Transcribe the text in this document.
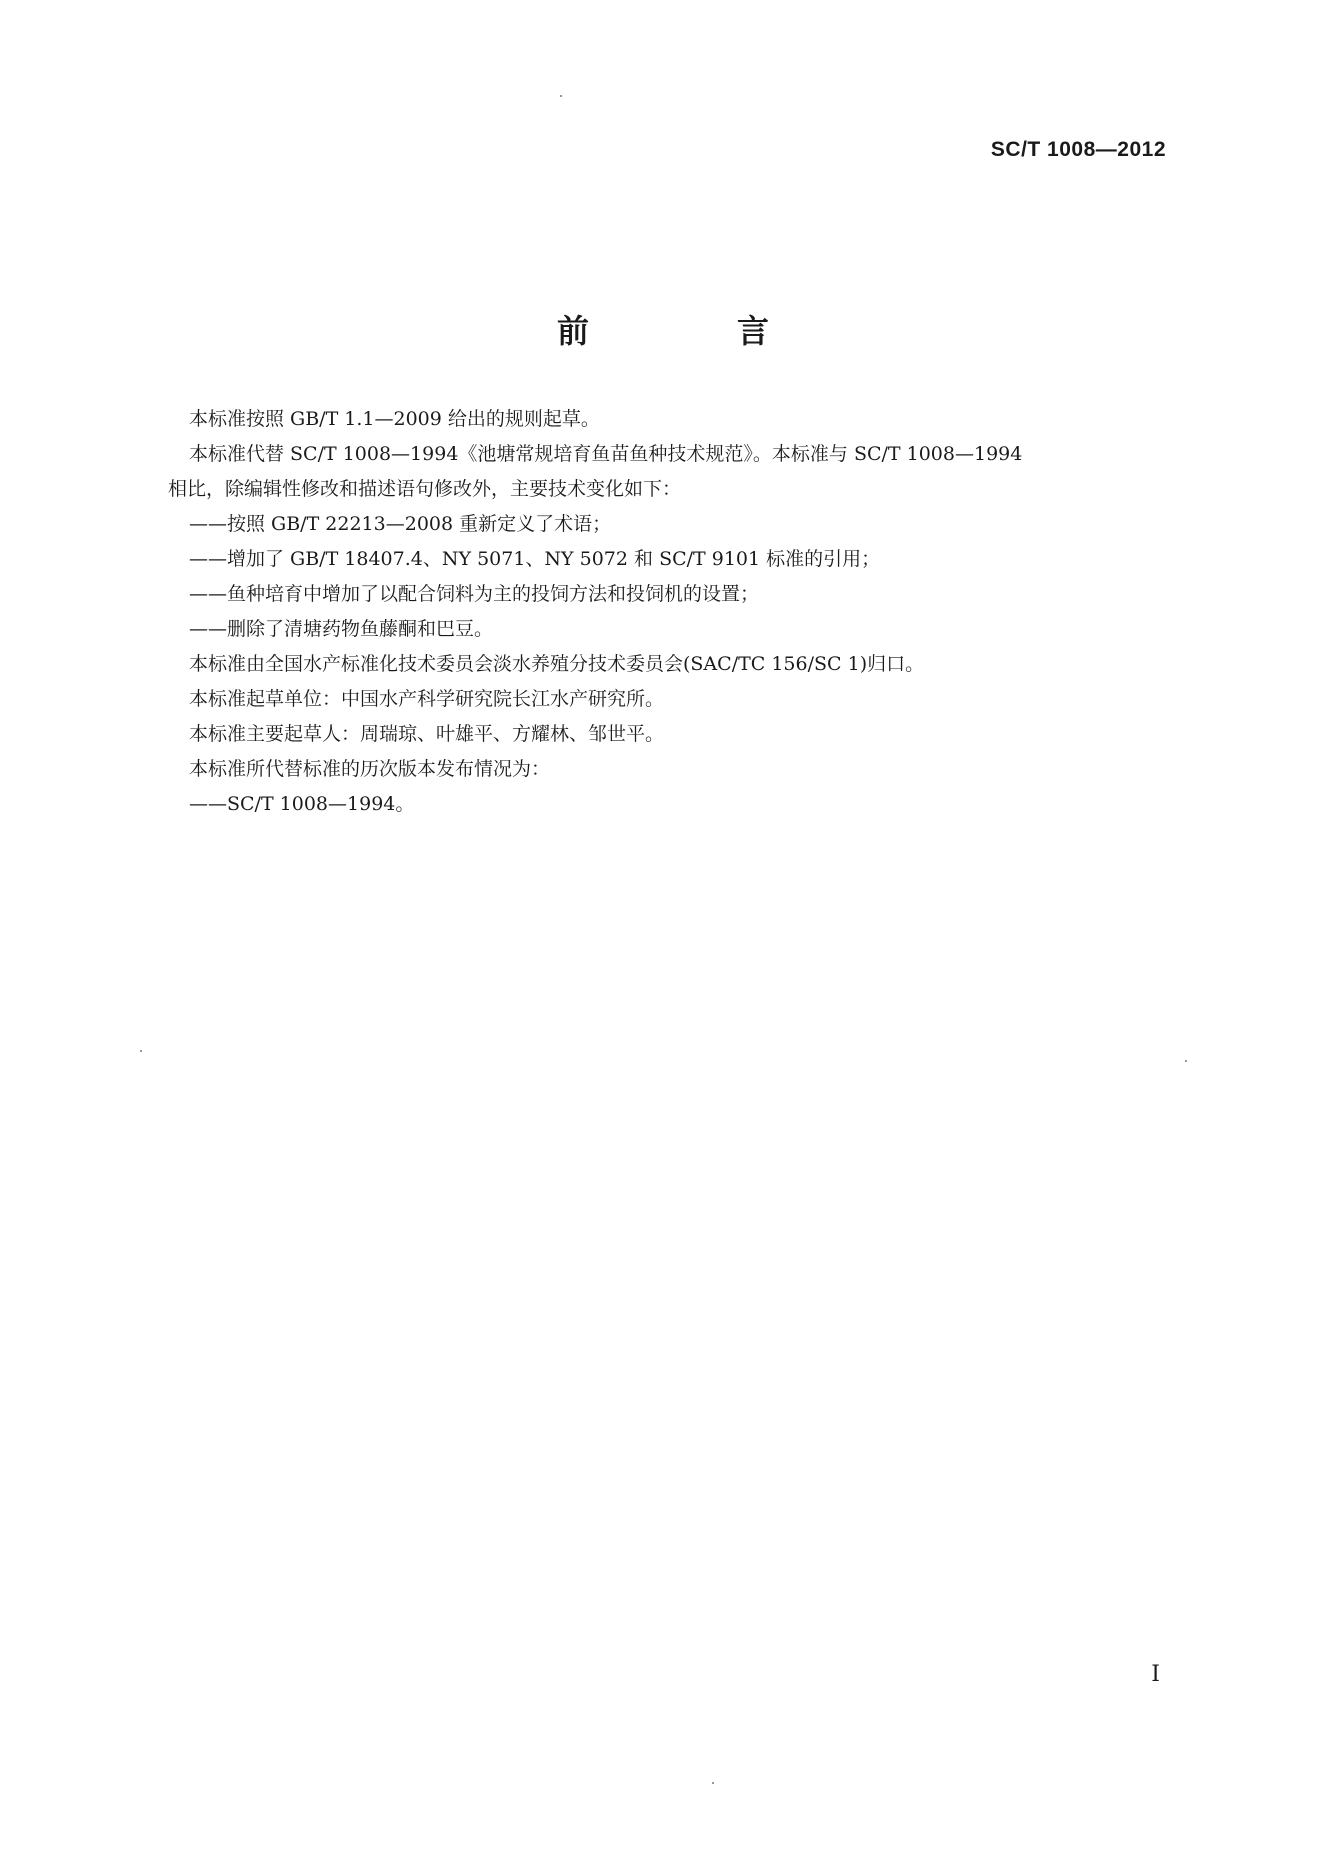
SC/T 1008—2012
前　言

本标准按照 GB/T 1.1—2009 给出的规则起草。

本标准代替 SC/T 1008—1994《池塘常规培育鱼苗鱼种技术规范》。本标准与 SC/T 1008—1994

相比，除编辑性修改和描述语句修改外，主要技术变化如下：

——按照 GB/T 22213—2008 重新定义了术语；

——增加了 GB/T 18407.4、NY 5071、NY 5072 和 SC/T 9101 标准的引用；

——鱼种培育中增加了以配合饲料为主的投饲方法和投饲机的设置；

——删除了清塘药物鱼藤酮和巴豆。

本标准由全国水产标准化技术委员会淡水养殖分技术委员会(SAC/TC 156/SC 1)归口。

本标准起草单位：中国水产科学研究院长江水产研究所。

本标准主要起草人：周瑞琼、叶雄平、方耀林、邹世平。

本标准所代替标准的历次版本发布情况为：

——SC/T 1008—1994。

I
